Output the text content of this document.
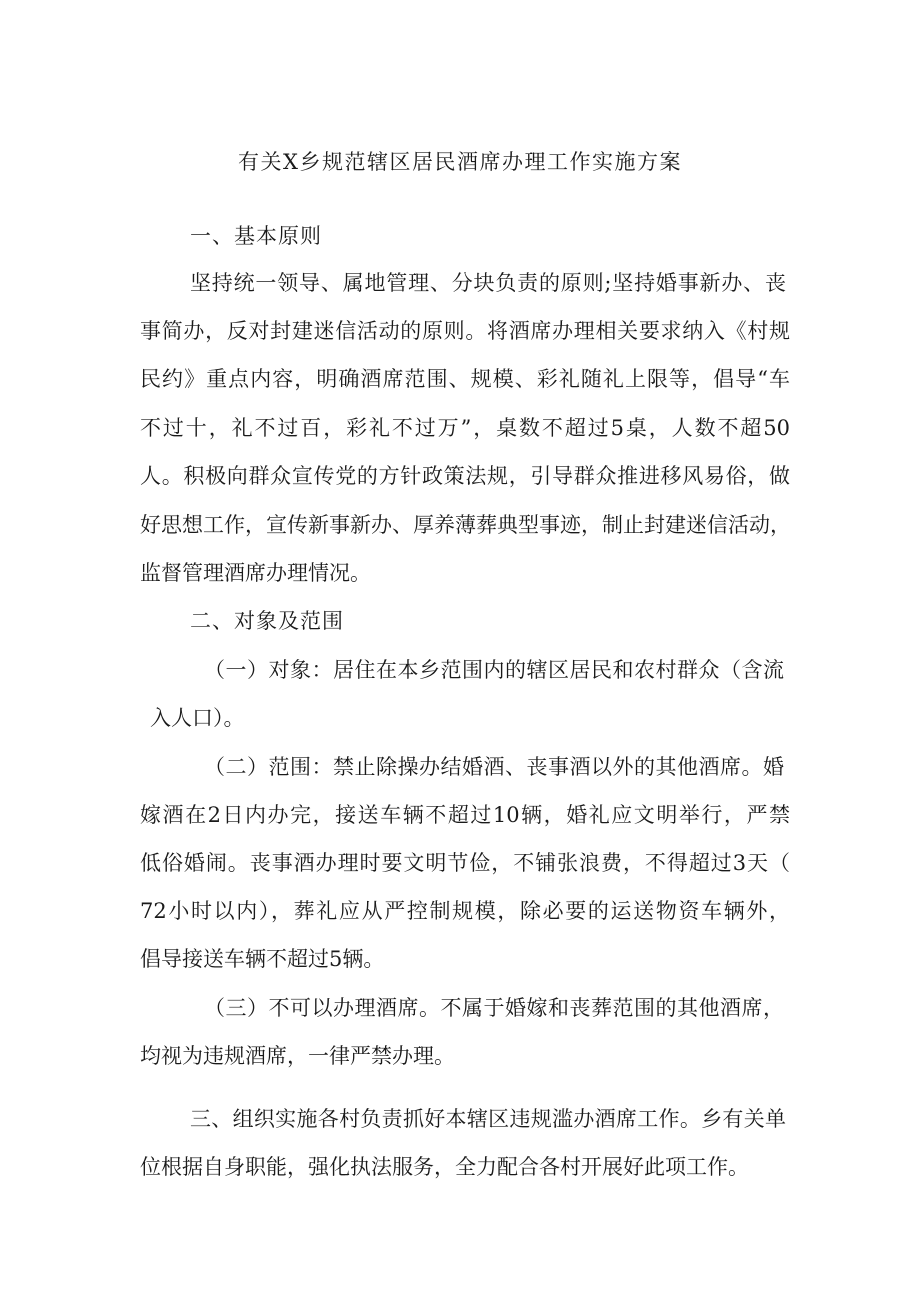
有关X乡规范辖区居民酒席办理工作实施方案
一、基本原则
坚持统一领导、属地管理、分块负责的原则;坚持婚事新办、丧
事简办，反对封建迷信活动的原则。将酒席办理相关要求纳入《村规
民约》重点内容，明确酒席范围、规模、彩礼随礼上限等，倡导“车
不过十，礼不过百，彩礼不过万”，桌数不超过5桌，人数不超50
人。积极向群众宣传党的方针政策法规，引导群众推进移风易俗，做
好思想工作，宣传新事新办、厚养薄葬典型事迹，制止封建迷信活动，
监督管理酒席办理情况。
二、对象及范围
（一）对象：居住在本乡范围内的辖区居民和农村群众（含流
入人口）。
（二）范围：禁止除操办结婚酒、丧事酒以外的其他酒席。婚
嫁酒在2日内办完，接送车辆不超过10辆，婚礼应文明举行，严禁
低俗婚闹。丧事酒办理时要文明节俭，不铺张浪费，不得超过3天（
72小时以内），葬礼应从严控制规模，除必要的运送物资车辆外，
倡导接送车辆不超过5辆。
（三）不可以办理酒席。不属于婚嫁和丧葬范围的其他酒席，
均视为违规酒席，一律严禁办理。
三、组织实施各村负责抓好本辖区违规滥办酒席工作。乡有关单
位根据自身职能，强化执法服务，全力配合各村开展好此项工作。
